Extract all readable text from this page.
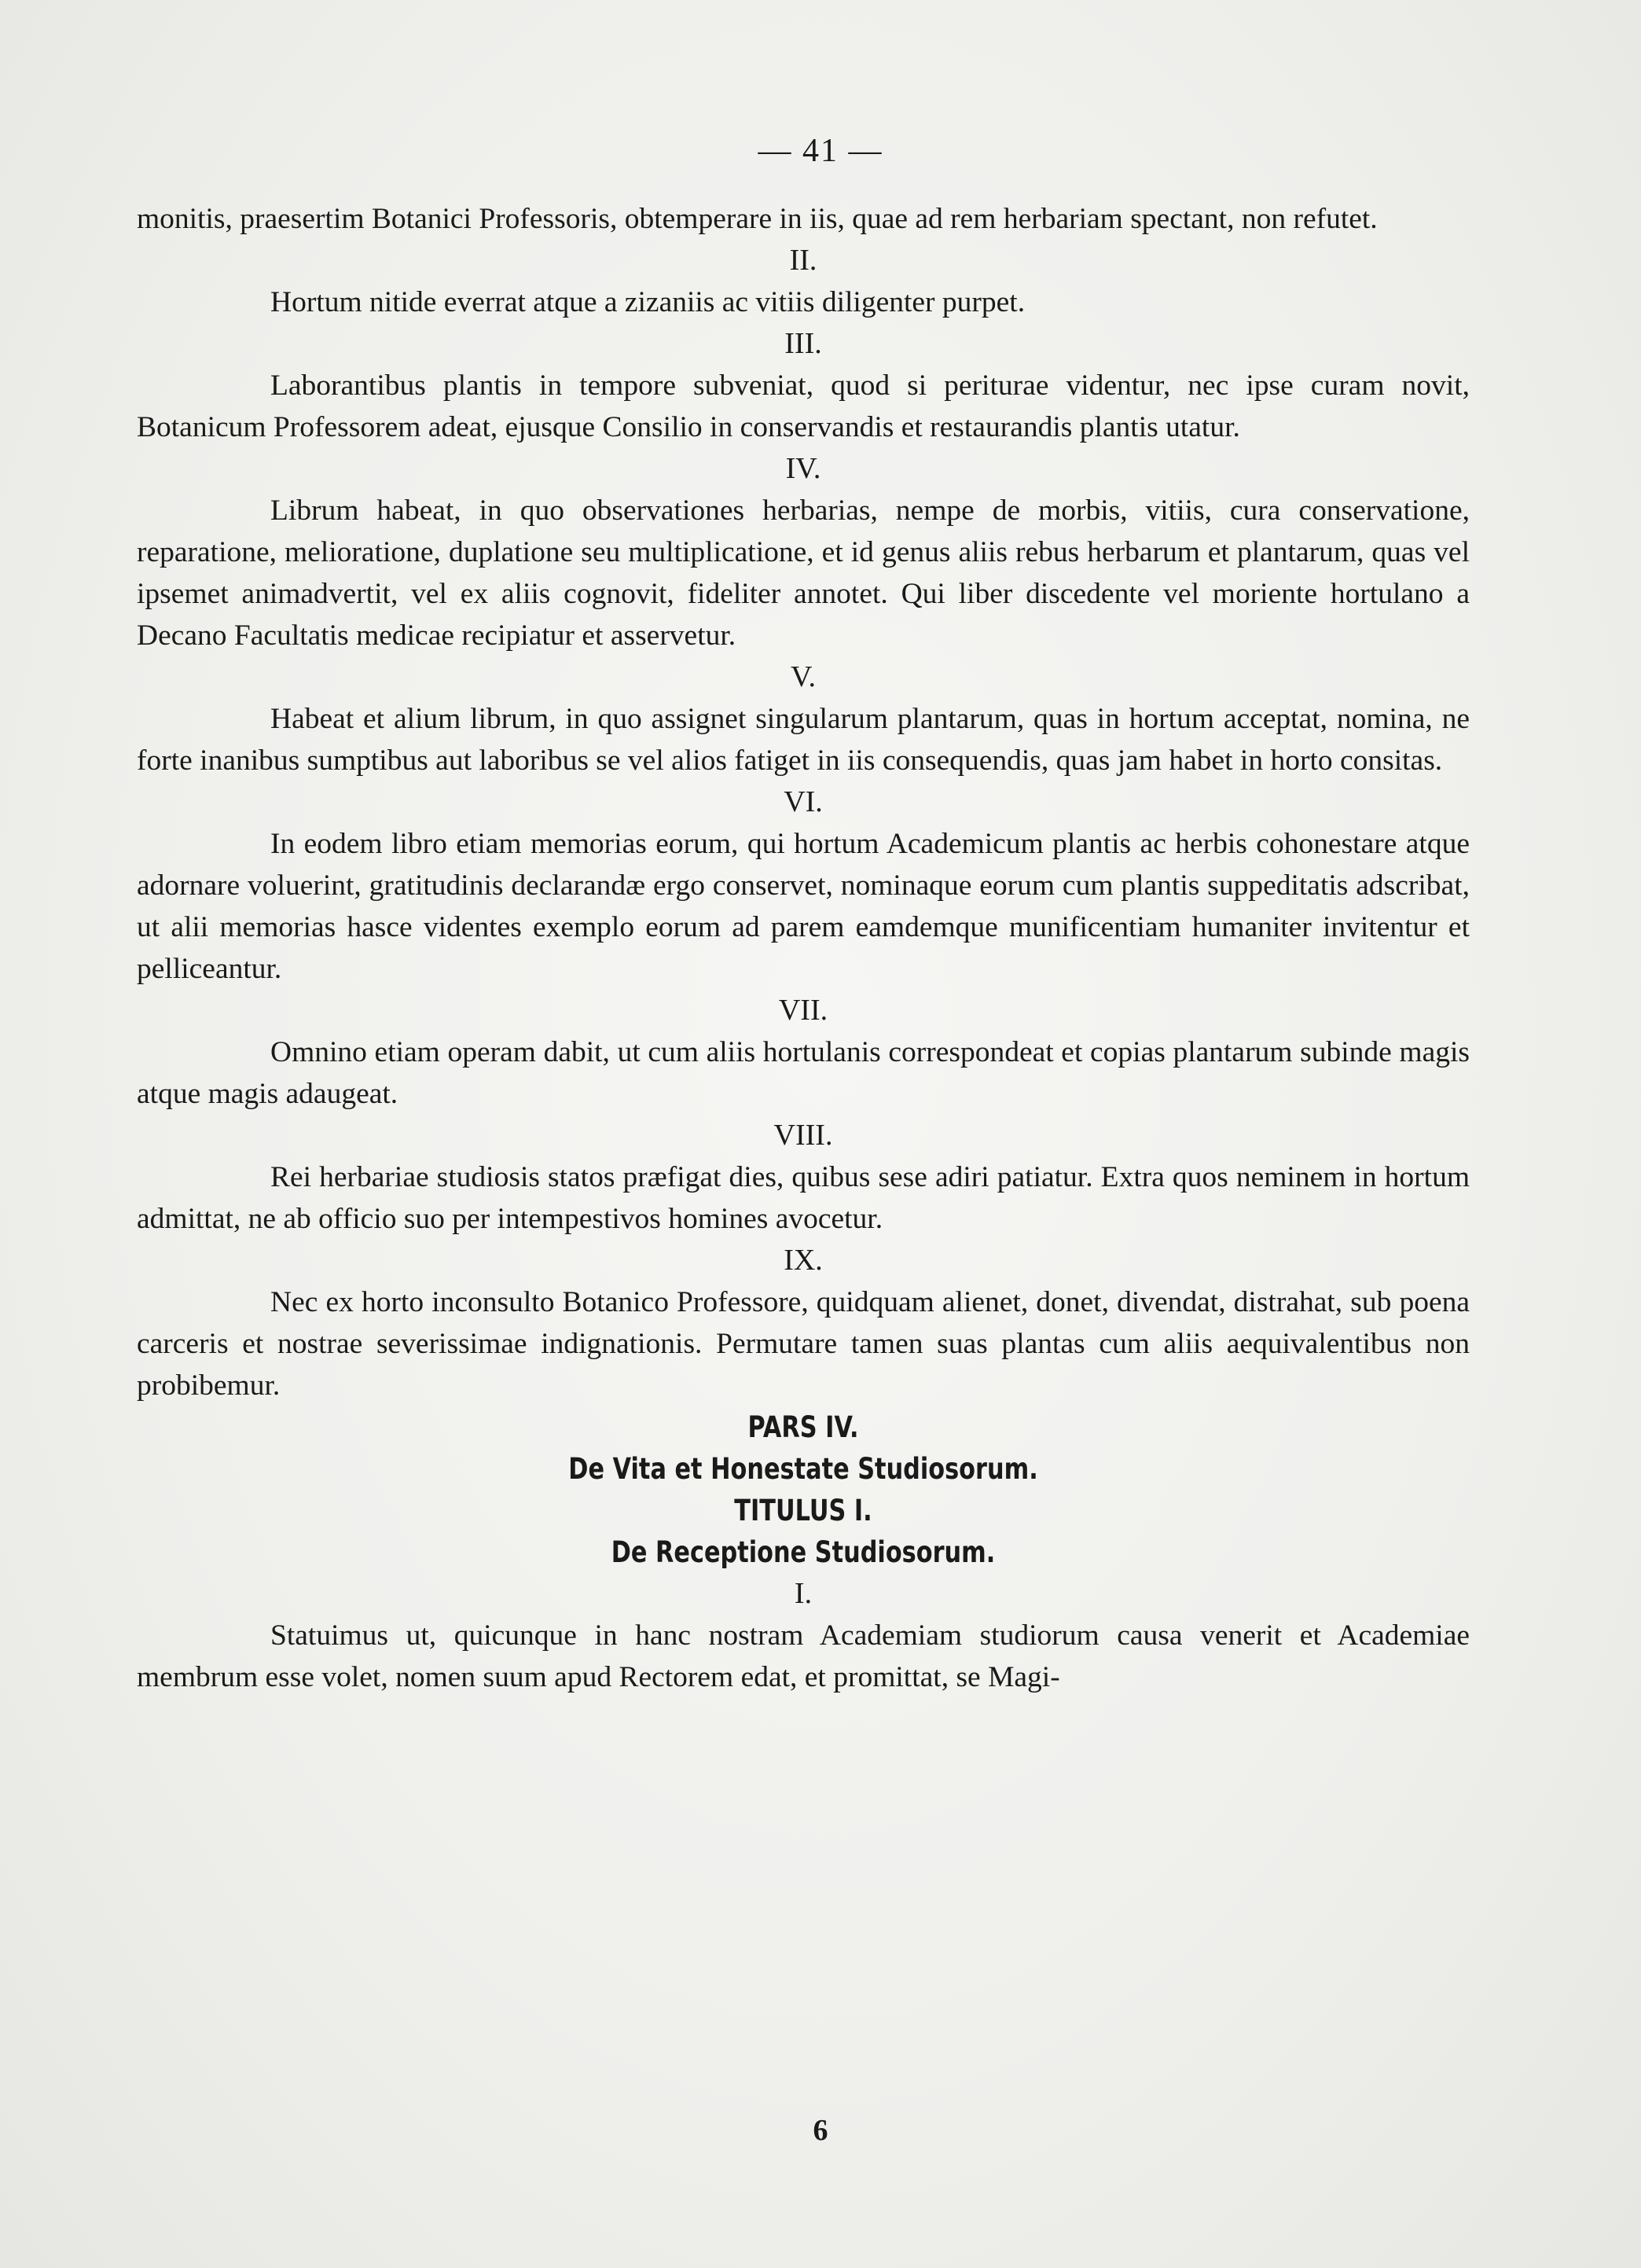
— 41 —

monitis, praesertim Botanici Professoris, obtemperare in iis, quae ad rem herbariam spectant, non refutet.

II.

Hortum nitide everrat atque a zizaniis ac vitiis diligenter purpet.

III.

Laborantibus plantis in tempore subveniat, quod si periturae videntur, nec ipse curam novit, Botanicum Professorem adeat, ejusque Consilio in conservandis et restaurandis plantis utatur.

IV.

Librum habeat, in quo observationes herbarias, nempe de morbis, vitiis, cura conservatione, reparatione, melioratione, duplatione seu multiplicatione, et id genus aliis rebus herbarum et plantarum, quas vel ipsemet animadvertit, vel ex aliis cognovit, fideliter annotet. Qui liber discedente vel moriente hortulano a Decano Facultatis medicae recipiatur et asservetur.

V.

Habeat et alium librum, in quo assignet singularum plantarum, quas in hortum acceptat, nomina, ne forte inanibus sumptibus aut laboribus se vel alios fatiget in iis consequendis, quas jam habet in horto consitas.

VI.

In eodem libro etiam memorias eorum, qui hortum Academicum plantis ac herbis cohonestare atque adornare voluerint, gratitudinis declarandæ ergo conservet, nominaque eorum cum plantis suppeditatis adscribat, ut alii memorias hasce videntes exemplo eorum ad parem eamdemque munificentiam humaniter invitentur et pelliceantur.

VII.

Omnino etiam operam dabit, ut cum aliis hortulanis correspondeat et copias plantarum subinde magis atque magis adaugeat.

VIII.

Rei herbariae studiosis statos præfigat dies, quibus sese adiri patiatur. Extra quos neminem in hortum admittat, ne ab officio suo per intempestivos homines avocetur.

IX.

Nec ex horto inconsulto Botanico Professore, quidquam alienet, donet, divendat, distrahat, sub poena carceris et nostrae severissimae indignationis. Permutare tamen suas plantas cum aliis aequivalentibus non probibemur.

PARS IV.

De Vita et Honestate Studiosorum.

TITULUS I.

De Receptione Studiosorum.

I.

Statuimus ut, quicunque in hanc nostram Academiam studiorum causa venerit et Academiae membrum esse volet, nomen suum apud Rectorem edat, et promittat, se Magi-

6
